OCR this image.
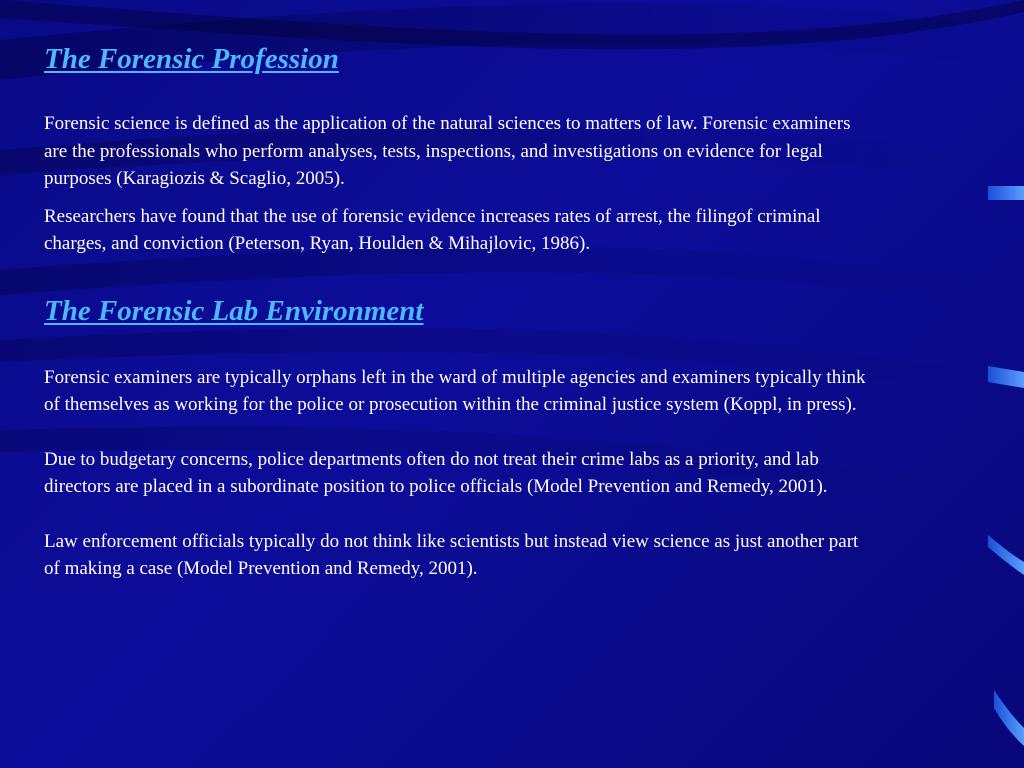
The Forensic Profession

Forensic science is defined as the application of the natural sciences to matters of law. Forensic examiners are the professionals who perform analyses, tests, inspections, and investigations on evidence for legal purposes (Karagiozis & Scaglio, 2005).

Researchers have found that the use of forensic evidence increases rates of arrest, the filingof criminal charges, and conviction (Peterson, Ryan, Houlden & Mihajlovic, 1986).

The Forensic Lab Environment

Forensic examiners are typically orphans left in the ward of multiple agencies and examiners typically think of themselves as working for the police or prosecution within the criminal justice system (Koppl, in press).

Due to budgetary concerns, police departments often do not treat their crime labs as a priority, and lab directors are placed in a subordinate position to police officials (Model Prevention and Remedy, 2001).

Law enforcement officials typically do not think like scientists but instead view science as just another part of making a case (Model Prevention and Remedy, 2001).
